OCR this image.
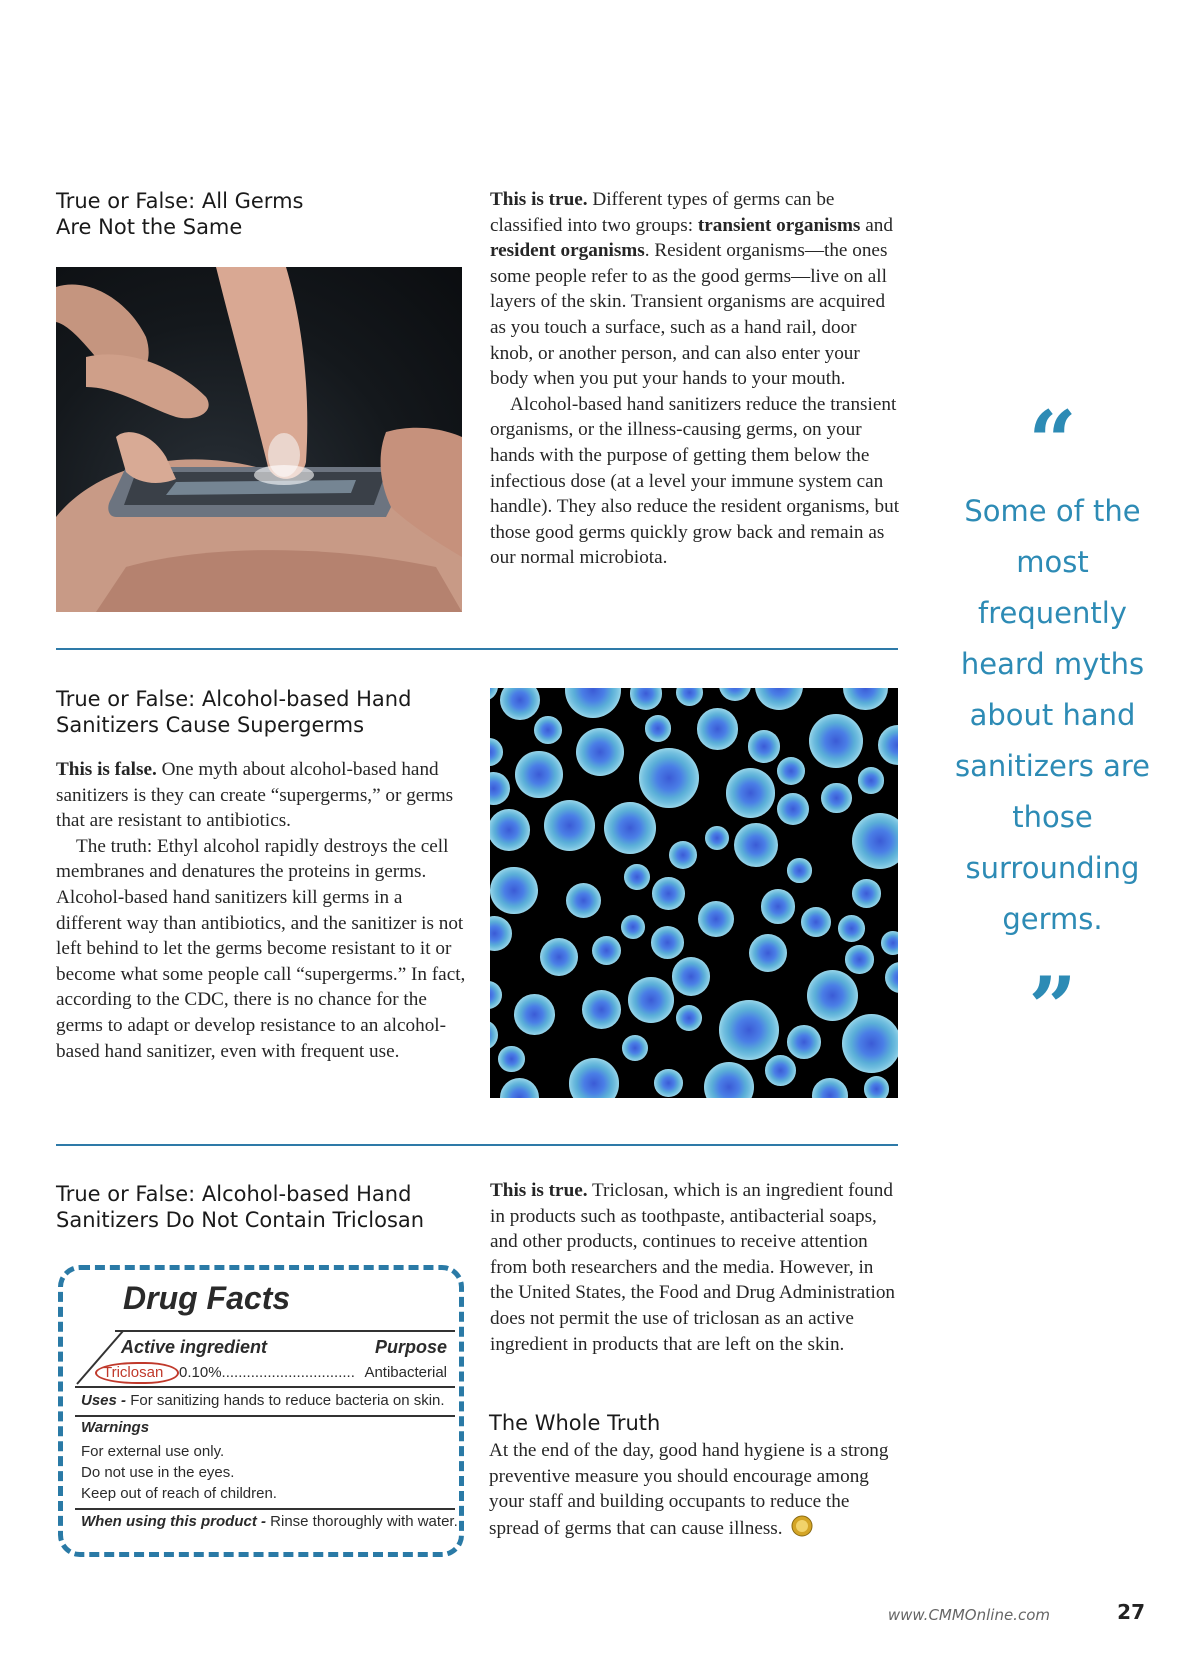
True or False: All Germs
Are Not the Same

This is true. Different types of germs can be classified into two groups: transient organisms and resident organisms. Resident organisms—the ones some people refer to as the good germs—live on all layers of the skin. Transient organisms are acquired as you touch a surface, such as a hand rail, door knob, or another person, and can also enter your body when you put your hands to your mouth.

Alcohol-based hand sanitizers reduce the transient organisms, or the illness-causing germs, on your hands with the purpose of getting them below the infectious dose (at a level your immune system can handle). They also reduce the resident organisms, but those good germs quickly grow back and remain as our normal microbiota.

True or False: Alcohol-based Hand
Sanitizers Cause Supergerms

This is false. One myth about alcohol-based hand sanitizers is they can create “supergerms,” or germs that are resistant to antibiotics.

The truth: Ethyl alcohol rapidly destroys the cell membranes and denatures the proteins in germs. Alcohol-based hand sanitizers kill germs in a different way than antibiotics, and the sanitizer is not left behind to let the germs become resistant to it or become what some people call “supergerms.” In fact, according to the CDC, there is no chance for the germs to adapt or develop resistance to an alcohol-based hand sanitizer, even with frequent use.

True or False: Alcohol-based Hand
Sanitizers Do Not Contain Triclosan
Drug Facts
Active ingredient	Purpose
Triclosan	0.10%................................ Antibacterial
Uses - For sanitizing hands to reduce bacteria on skin.
Warnings
For external use only.
Do not use in the eyes.
Keep out of reach of children.
When using this product - Rinse thoroughly with water.

This is true. Triclosan, which is an ingredient found in products such as toothpaste, antibacterial soaps, and other products, continues to receive attention from both researchers and the media. However, in the United States, the Food and Drug Administration does not permit the use of triclosan as an active ingredient in products that are left on the skin.

The Whole Truth

At the end of the day, good hand hygiene is a strong preventive measure you should encourage among your staff and building occupants to reduce the spread of germs that can cause illness.

“
Some of the most frequently heard myths about hand sanitizers are those surrounding germs.
”
www.CMMOnline.com	27
